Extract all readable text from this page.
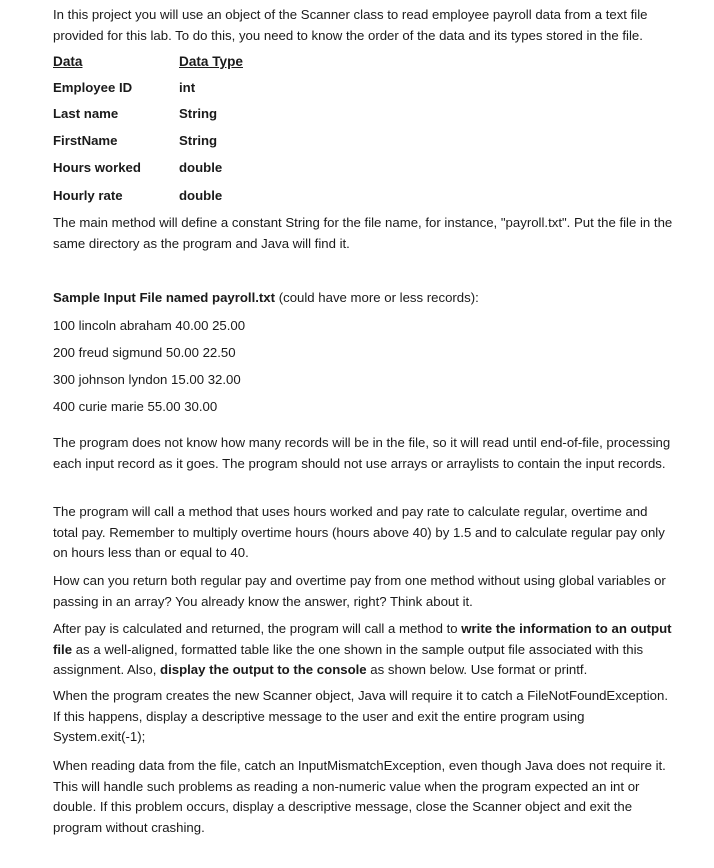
In this project you will use an object of the Scanner class to read employee payroll data from a text file provided for this lab. To do this, you need to know the order of the data and its types stored in the file.

Data	Data Type
Employee ID	int
Last name	String
FirstName	String
Hours worked	double
Hourly rate	double

The main method will define a constant String for the file name, for instance, "payroll.txt". Put the file in the same directory as the program and Java will find it.

Sample Input File named payroll.txt (could have more or less records):
100 lincoln abraham 40.00 25.00
200 freud sigmund 50.00 22.50
300 johnson lyndon 15.00 32.00
400 curie marie 55.00 30.00

The program does not know how many records will be in the file, so it will read until end-of-file, processing each input record as it goes. The program should not use arrays or arraylists to contain the input records.

The program will call a method that uses hours worked and pay rate to calculate regular, overtime and total pay. Remember to multiply overtime hours (hours above 40) by 1.5 and to calculate regular pay only on hours less than or equal to 40.

How can you return both regular pay and overtime pay from one method without using global variables or passing in an array? You already know the answer, right? Think about it.

After pay is calculated and returned, the program will call a method to write the information to an output file as a well-aligned, formatted table like the one shown in the sample output file associated with this assignment. Also, display the output to the console as shown below. Use format or printf.

When the program creates the new Scanner object, Java will require it to catch a FileNotFoundException. If this happens, display a descriptive message to the user and exit the entire program using System.exit(-1);

When reading data from the file, catch an InputMismatchException, even though Java does not require it. This will handle such problems as reading a non-numeric value when the program expected an int or double. If this problem occurs, display a descriptive message, close the Scanner object and exit the program without crashing.
